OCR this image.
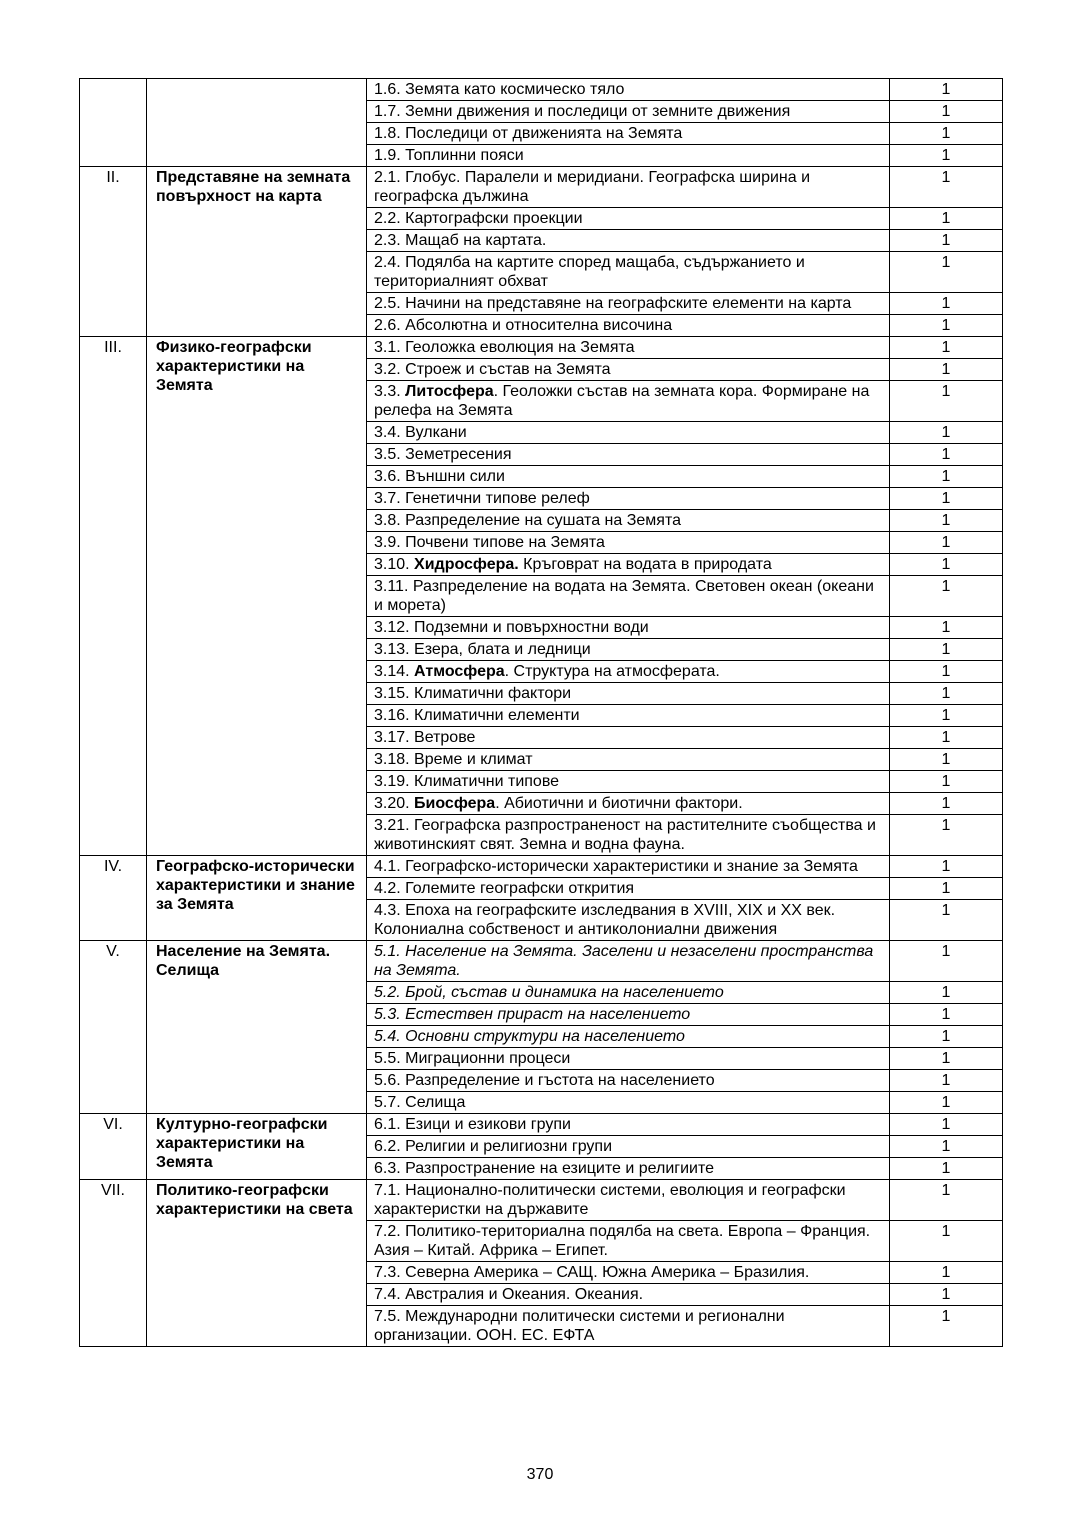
		1.6. Земята като космическо тяло	1
		1.7. Земни движения и последици от земните движения	1
		1.8. Последици от движенията на Земята	1
		1.9. Топлинни пояси	1
II.	Представяне на земната повърхност на карта	2.1. Глобус. Паралели и меридиани. Географска ширина и географска дължина	1
		2.2. Картографски проекции	1
		2.3. Мащаб на картата.	1
		2.4. Подялба на картите според мащаба, съдържанието и териториалният обхват	1
		2.5. Начини на представяне на географските елементи на карта	1
		2.6. Абсолютна и относителна височина	1
III.	Физико-географски характеристики на Земята	3.1. Геоложка еволюция на Земята	1
		3.2. Строеж и състав на Земята	1
		3.3. Литосфера. Геоложки състав на земната кора. Формиране на релефа на Земята	1
		3.4. Вулкани	1
		3.5. Земетресения	1
		3.6. Външни сили	1
		3.7. Генетични типове релеф	1
		3.8. Разпределение на сушата на Земята	1
		3.9. Почвени типове на Земята	1
		3.10. Хидросфера. Кръговрат на водата в природата	1
		3.11. Разпределение на водата на Земята. Световен океан (океани и морета)	1
		3.12. Подземни и повърхностни води	1
		3.13. Езера, блата и ледници	1
		3.14. Атмосфера. Структура на атмосферата.	1
		3.15. Климатични фактори	1
		3.16. Климатични елементи	1
		3.17. Ветрове	1
		3.18. Време и климат	1
		3.19. Климатични типове	1
		3.20. Биосфера. Абиотични и биотични фактори.	1
		3.21. Географска разпространеност на растителните съобщества и животинският свят. Земна и водна фауна.	1
IV.	Географско-исторически характеристики и знание за Земята	4.1. Географско-исторически характеристики и знание за Земята	1
		4.2. Големите географски открития	1
		4.3. Епоха на географските изследвания в XVIII, XIX и XX век. Колониална собственост и антиколониални движения	1
V.	Население на Земята. Селища	5.1. Население на Земята. Заселени и незаселени пространства на Земята.	1
		5.2. Брой, състав и динамика на населението	1
		5.3. Естествен прираст на населението	1
		5.4. Основни структури на населението	1
		5.5. Миграционни процеси	1
		5.6. Разпределение и гъстота на населението	1
		5.7. Селища	1
VI.	Културно-географски характеристики на Земята	6.1. Езици и езикови групи	1
		6.2. Религии и религиозни групи	1
		6.3. Разпространение на езиците и религиите	1
VII.	Политико-географски характеристики на света	7.1. Национално-политически системи, еволюция и географски характеристки на държавите	1
		7.2. Политико-териториална подялба на света. Европа – Франция. Азия – Китай. Африка – Египет.	1
		7.3. Северна Америка – САЩ. Южна Америка – Бразилия.	1
		7.4. Австралия и Океания. Океания.	1
		7.5. Международни политически системи и регионални организации. ООН. ЕС. ЕФТА	1
370
